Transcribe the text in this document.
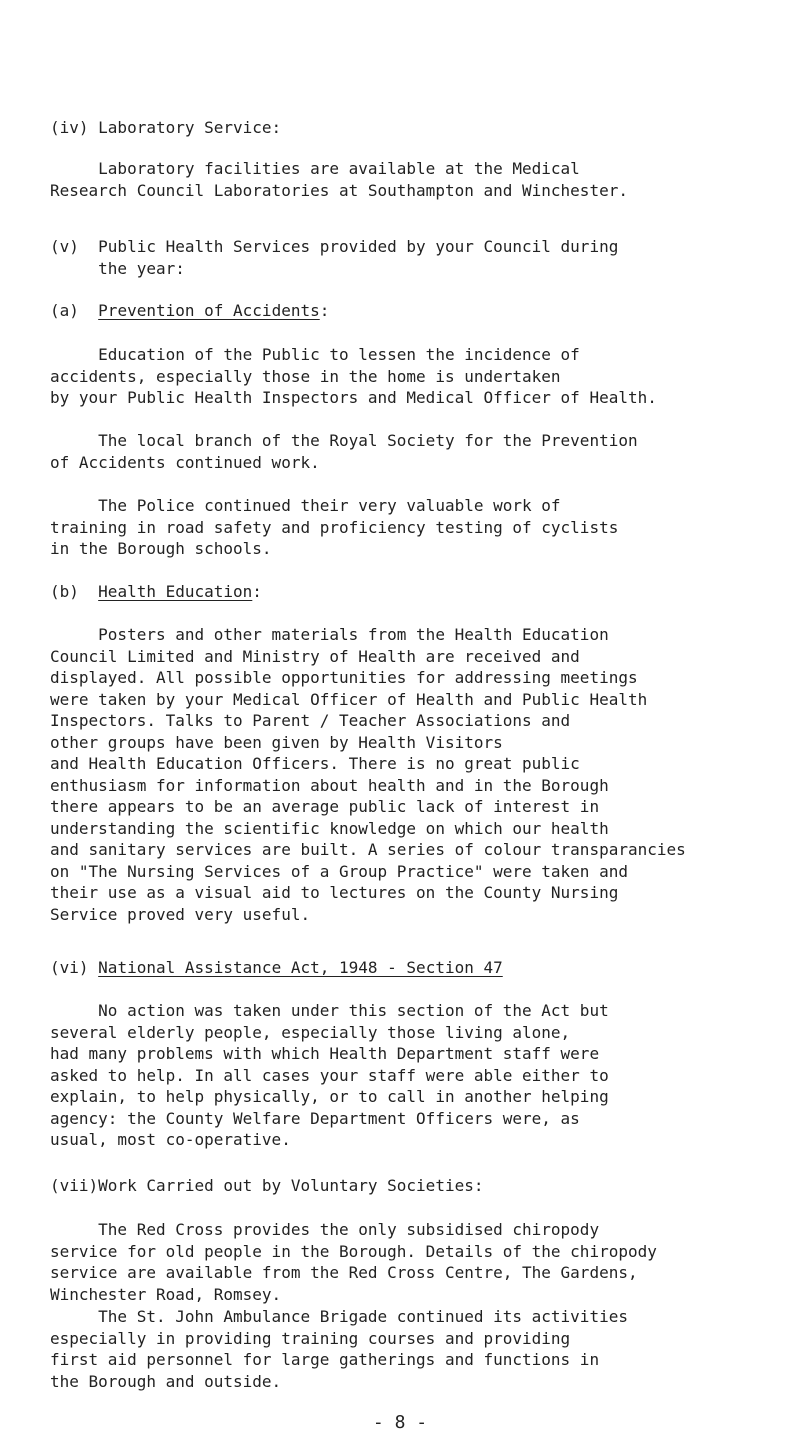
(iv) Laboratory Service:

Laboratory facilities are available at the Medical
Research Council Laboratories at Southampton and Winchester.

(v)  Public Health Services provided by your Council during
the year:
(a)  Prevention of Accidents:

Education of the Public to lessen the incidence of
accidents, especially those in the home is undertaken
by your Public Health Inspectors and Medical Officer of Health.

The local branch of the Royal Society for the Prevention
of Accidents continued work.

The Police continued their very valuable work of
training in road safety and proficiency testing of cyclists
in the Borough schools.

(b)  Health Education:

Posters and other materials from the Health Education
Council Limited and Ministry of Health are received and
displayed. All possible opportunities for addressing meetings
were taken by your Medical Officer of Health and Public Health
Inspectors. Talks to Parent / Teacher Associations and
other groups have been given by Health Visitors
and Health Education Officers. There is no great public
enthusiasm for information about health and in the Borough
there appears to be an average public lack of interest in
understanding the scientific knowledge on which our health
and sanitary services are built. A series of colour transparancies
on "The Nursing Services of a Group Practice" were taken and
their use as a visual aid to lectures on the County Nursing
Service proved very useful.

(vi) National Assistance Act, 1948 - Section 47

No action was taken under this section of the Act but
several elderly people, especially those living alone,
had many problems with which Health Department staff were
asked to help. In all cases your staff were able either to
explain, to help physically, or to call in another helping
agency: the County Welfare Department Officers were, as
usual, most co-operative.

(vii)Work Carried out by Voluntary Societies:

The Red Cross provides the only subsidised chiropody
service for old people in the Borough. Details of the chiropody
service are available from the Red Cross Centre, The Gardens,
Winchester Road, Romsey.

The St. John Ambulance Brigade continued its activities
especially in providing training courses and providing
first aid personnel for large gatherings and functions in
the Borough and outside.

- 8 -
